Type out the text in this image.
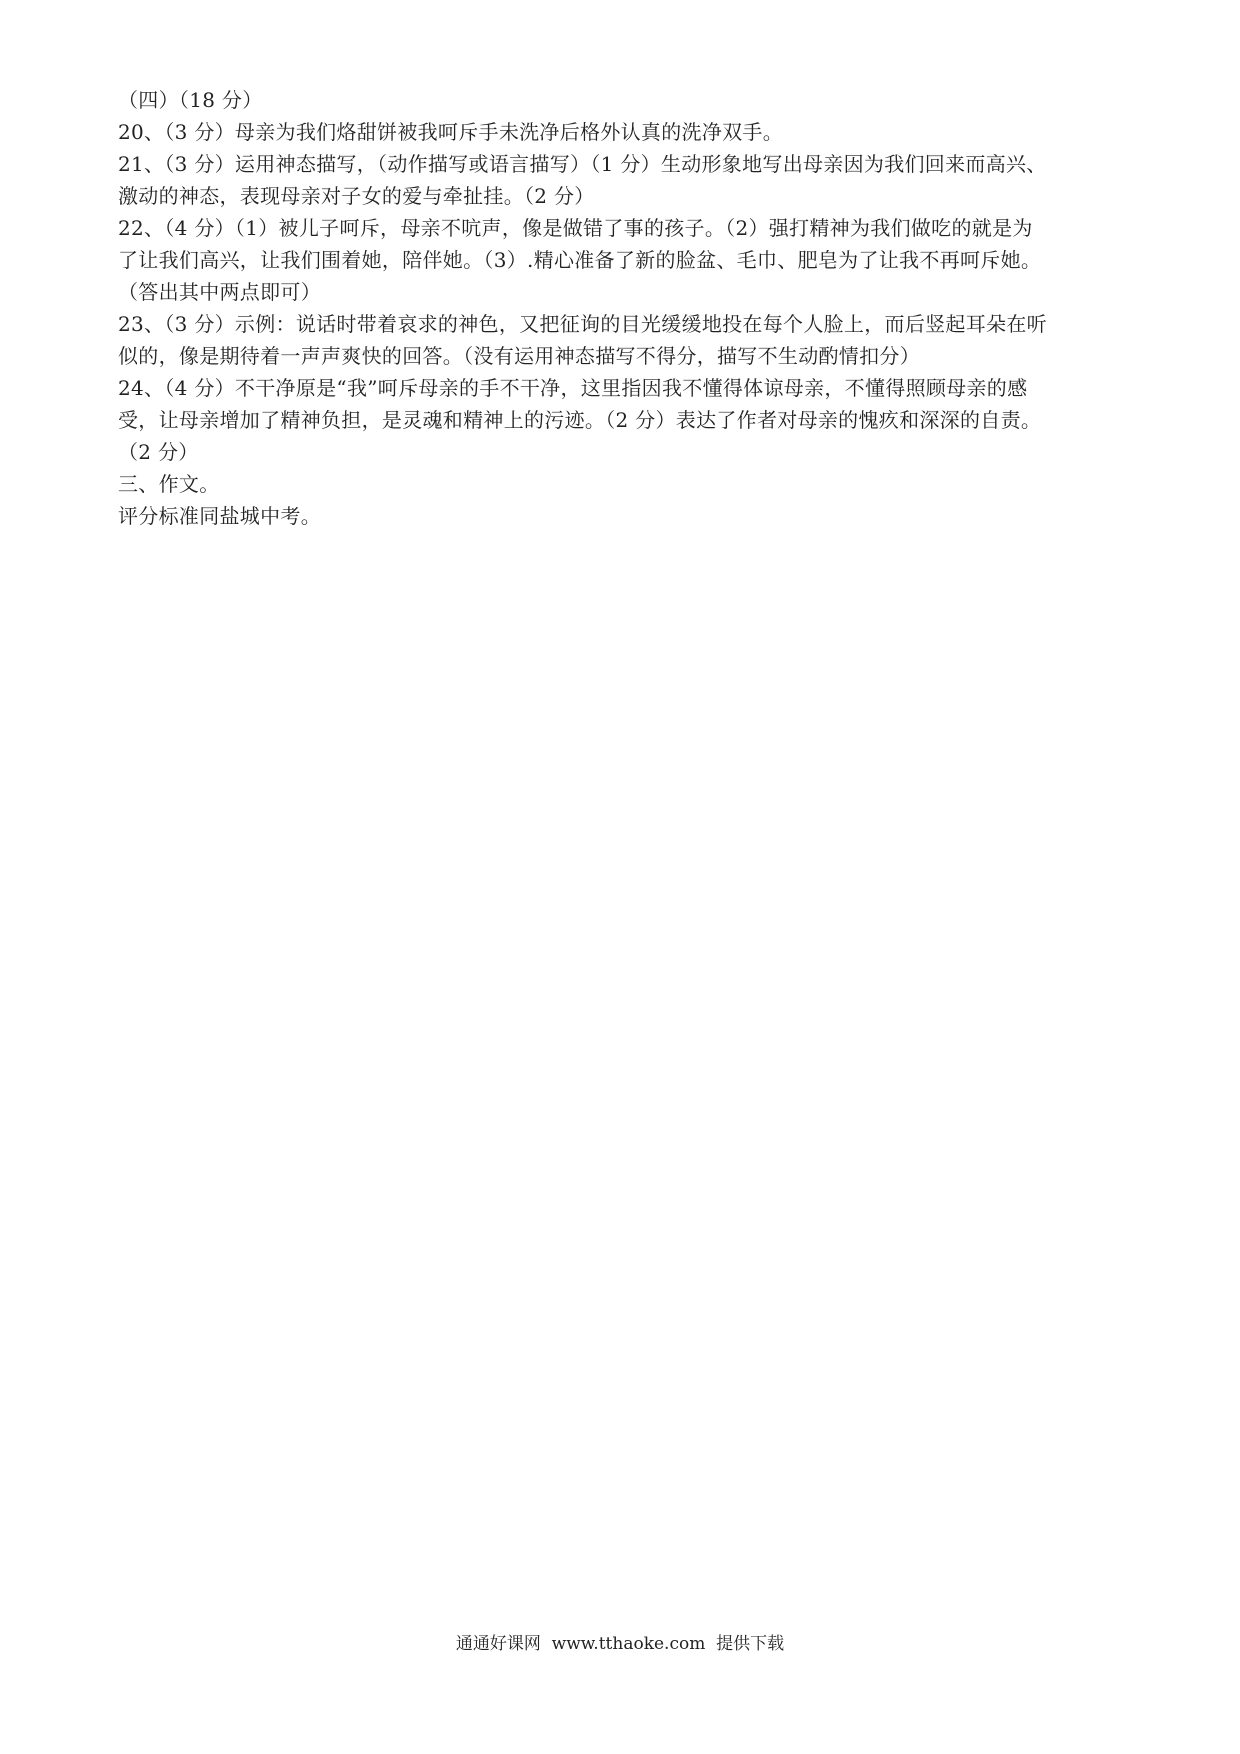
（四）（18 分）
20、（3 分）母亲为我们烙甜饼被我呵斥手未洗净后格外认真的洗净双手。
21、（3 分）运用神态描写，（动作描写或语言描写）（1 分）生动形象地写出母亲因为我们回来而高兴、
激动的神态，表现母亲对子女的爱与牵扯挂。（2 分）
22、（4 分）（1）被儿子呵斥，母亲不吭声，像是做错了事的孩子。（2）强打精神为我们做吃的就是为
了让我们高兴，让我们围着她，陪伴她。（3）.精心准备了新的脸盆、毛巾、肥皂为了让我不再呵斥她。
（答出其中两点即可）
23、（3 分）示例：说话时带着哀求的神色，又把征询的目光缓缓地投在每个人脸上，而后竖起耳朵在听
似的，像是期待着一声声爽快的回答。（没有运用神态描写不得分，描写不生动酌情扣分）
24、（4 分）不干净原是“我”呵斥母亲的手不干净，这里指因我不懂得体谅母亲，不懂得照顾母亲的感
受，让母亲增加了精神负担，是灵魂和精神上的污迹。（2 分）表达了作者对母亲的愧疚和深深的自责。
（2 分）
三、作文。
评分标准同盐城中考。
通通好课网  www.tthaoke.com  提供下载
